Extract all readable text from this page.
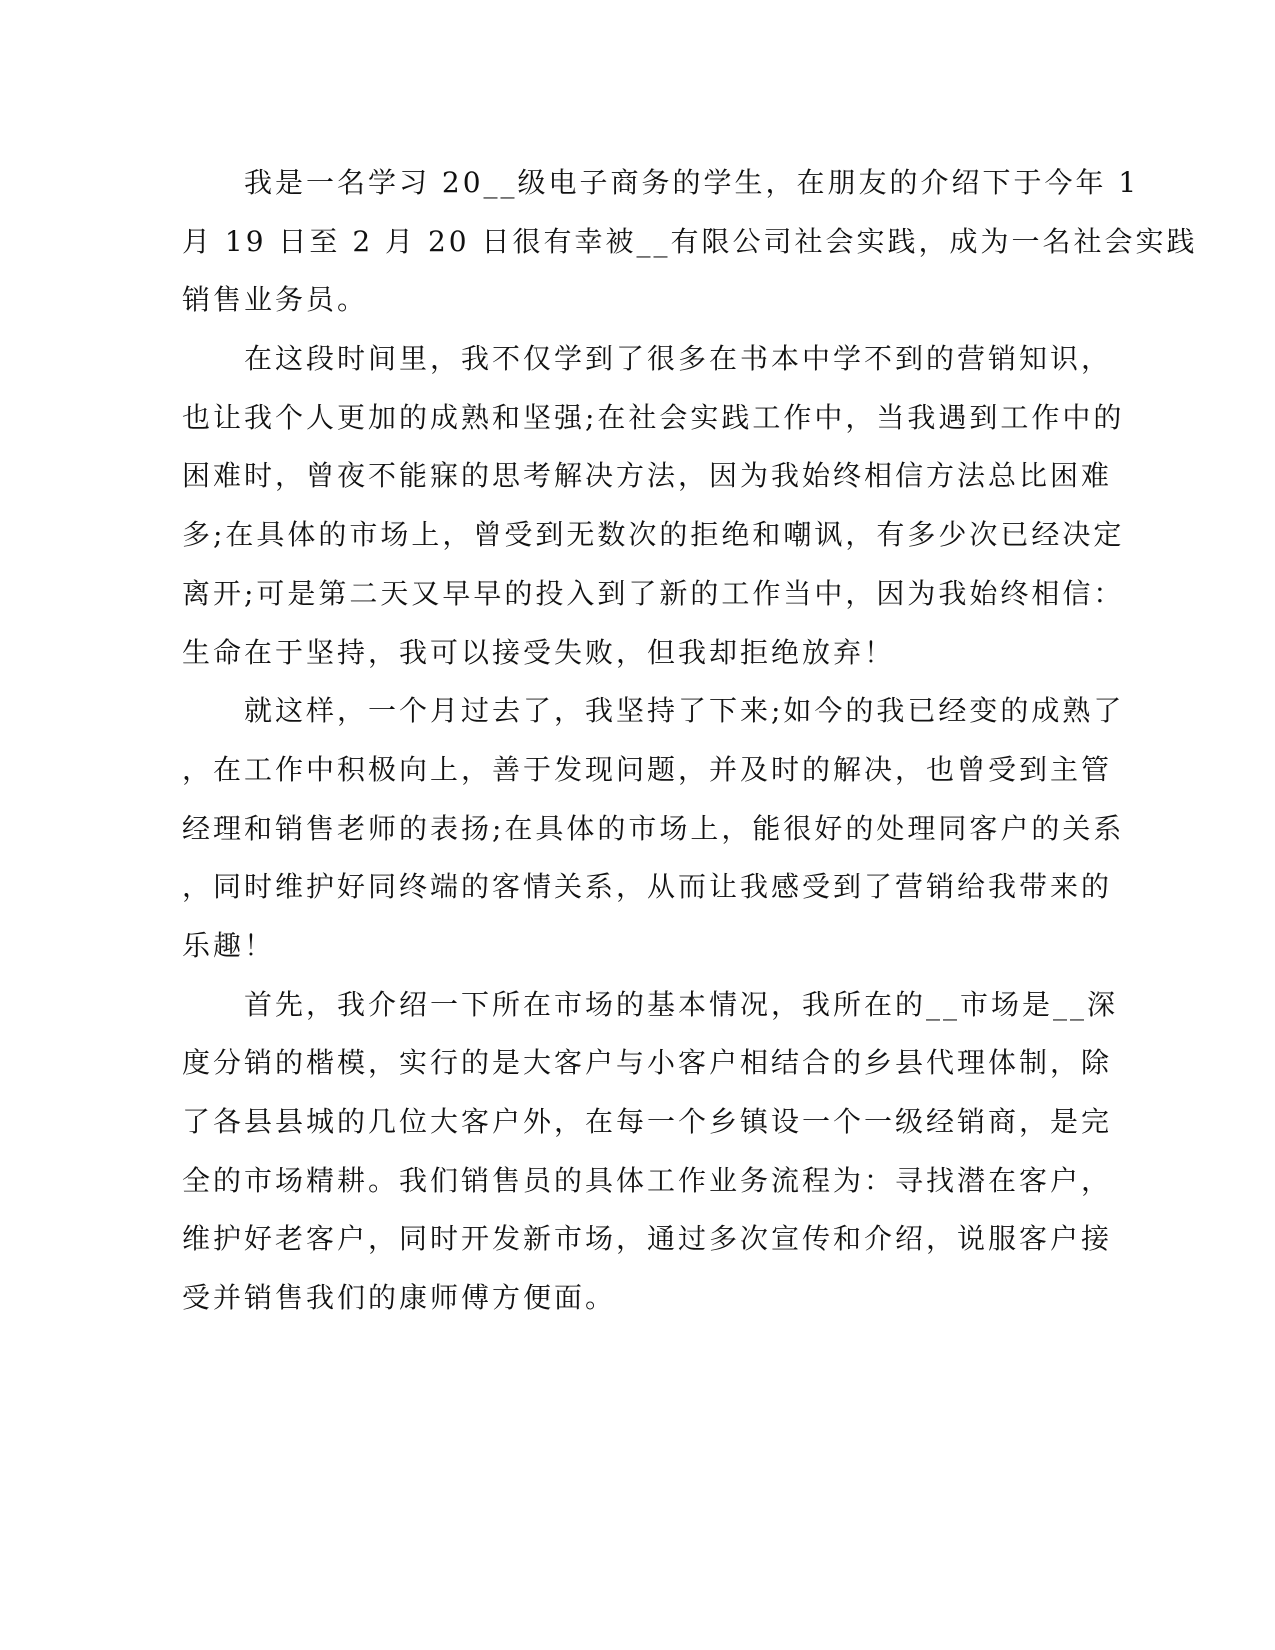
　　我是一名学习 20__级电子商务的学生，在朋友的介绍下于今年 1
月 19 日至 2 月 20 日很有幸被__有限公司社会实践，成为一名社会实践
销售业务员。
　　在这段时间里，我不仅学到了很多在书本中学不到的营销知识，
也让我个人更加的成熟和坚强;在社会实践工作中，当我遇到工作中的
困难时，曾夜不能寐的思考解决方法，因为我始终相信方法总比困难
多;在具体的市场上，曾受到无数次的拒绝和嘲讽，有多少次已经决定
离开;可是第二天又早早的投入到了新的工作当中，因为我始终相信：
生命在于坚持，我可以接受失败，但我却拒绝放弃！
　　就这样，一个月过去了，我坚持了下来;如今的我已经变的成熟了
，在工作中积极向上，善于发现问题，并及时的解决，也曾受到主管
经理和销售老师的表扬;在具体的市场上，能很好的处理同客户的关系
，同时维护好同终端的客情关系，从而让我感受到了营销给我带来的
乐趣！
　　首先，我介绍一下所在市场的基本情况，我所在的__市场是__深
度分销的楷模，实行的是大客户与小客户相结合的乡县代理体制，除
了各县县城的几位大客户外，在每一个乡镇设一个一级经销商，是完
全的市场精耕。我们销售员的具体工作业务流程为：寻找潜在客户，
维护好老客户，同时开发新市场，通过多次宣传和介绍，说服客户接
受并销售我们的康师傅方便面。
